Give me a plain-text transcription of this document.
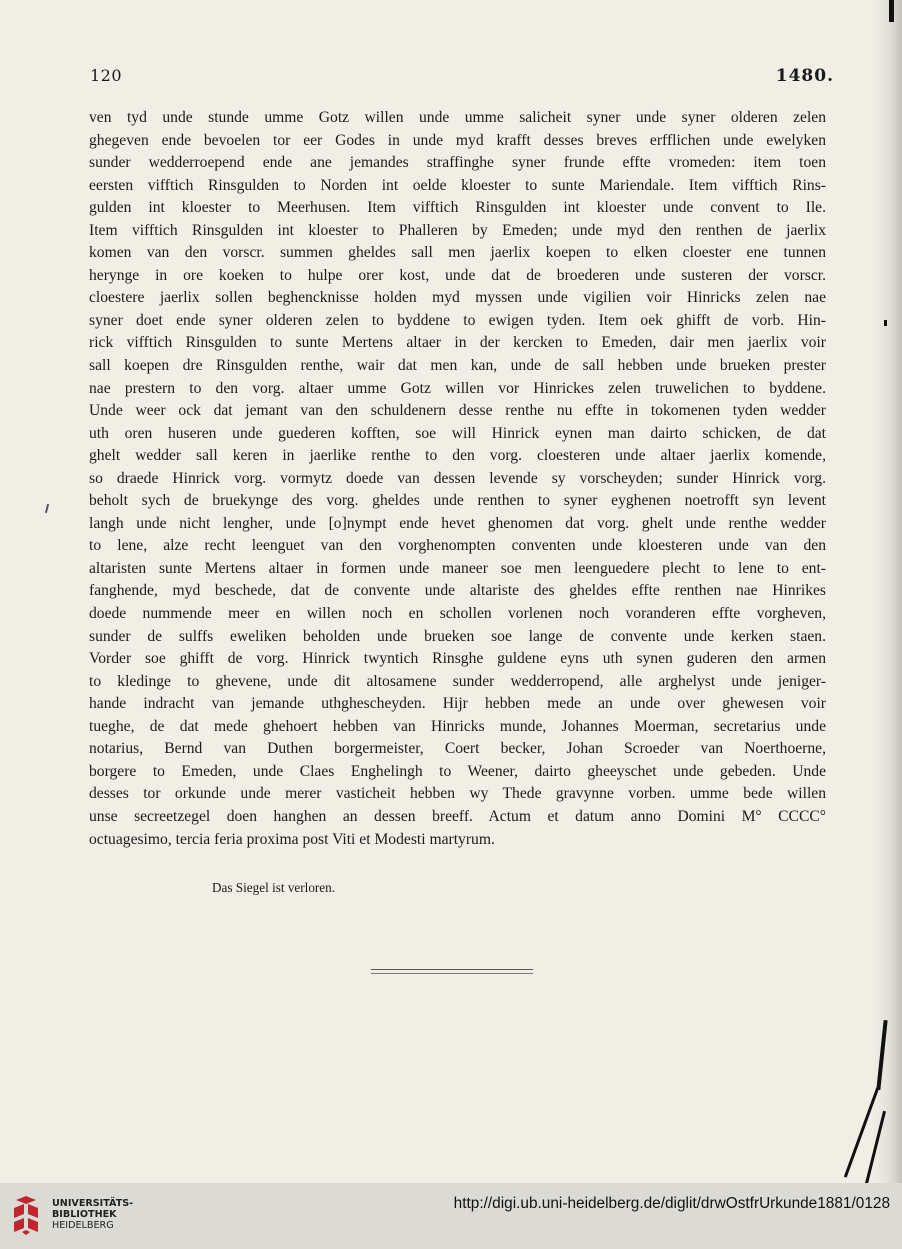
120	1480.
ven tyd unde stunde umme Gotz willen unde umme salicheit syner unde syner olderen zelen
ghegeven ende bevoelen tor eer Godes in unde myd krafft desses breves erfflichen unde ewelyken
sunder wedderroepend ende ane jemandes straffinghe syner frunde effte vromeden: item toen
eersten vifftich Rinsgulden to Norden int oelde kloester to sunte Mariendale. Item vifftich Rins-
gulden int kloester to Meerhusen. Item vifftich Rinsgulden int kloester unde convent to Ile.
Item vifftich Rinsgulden int kloester to Phalleren by Emeden; unde myd den renthen de jaerlix
komen van den vorscr. summen gheldes sall men jaerlix koepen to elken cloester ene tunnen
herynge in ore koeken to hulpe orer kost, unde dat de broederen unde susteren der vorscr.
cloestere jaerlix sollen beghencknisse holden myd myssen unde vigilien voir Hinricks zelen nae
syner doet ende syner olderen zelen to byddene to ewigen tyden. Item oek ghifft de vorb. Hin-
rick vifftich Rinsgulden to sunte Mertens altaer in der kercken to Emeden, dair men jaerlix voir
sall koepen dre Rinsgulden renthe, wair dat men kan, unde de sall hebben unde brueken prester
nae prestern to den vorg. altaer umme Gotz willen vor Hinrickes zelen truwelichen to byddene.
Unde weer ock dat jemant van den schuldenern desse renthe nu effte in tokomenen tyden wedder
uth oren huseren unde guederen kofften, soe will Hinrick eynen man dairto schicken, de dat
ghelt wedder sall keren in jaerlike renthe to den vorg. cloesteren unde altaer jaerlix komende,
so draede Hinrick vorg. vormytz doede van dessen levende sy vorscheyden; sunder Hinrick vorg.
beholt sych de bruekynge des vorg. gheldes unde renthen to syner eyghenen noetrofft syn levent
langh unde nicht lengher, unde [o]nympt ende hevet ghenomen dat vorg. ghelt unde renthe wedder
to lene, alze recht leenguet van den vorghenompten conventen unde kloesteren unde van den
altaristen sunte Mertens altaer in formen unde maneer soe men leenguedere plecht to lene to ent-
fanghende, myd beschede, dat de convente unde altariste des gheldes effte renthen nae Hinrikes
doede nummende meer en willen noch en schollen vorlenen noch voranderen effte vorgheven,
sunder de sulffs eweliken beholden unde brueken soe lange de convente unde kerken staen.
Vorder soe ghifft de vorg. Hinrick twyntich Rinsghe guldene eyns uth synen guderen den armen
to kledinge to ghevene, unde dit altosamene sunder wedderropend, alle arghelyst unde jeniger-
hande indracht van jemande uthghescheyden. Hijr hebben mede an unde over ghewesen voir
tueghe, de dat mede ghehoert hebben van Hinricks munde, Johannes Moerman, secretarius unde
notarius, Bernd van Duthen borgermeister, Coert becker, Johan Scroeder van Noerthoerne,
borgere to Emeden, unde Claes Enghelingh to Weener, dairto gheeyschet unde gebeden. Unde
desses tor orkunde unde merer vasticheit hebben wy Thede gravynne vorben. umme bede willen
unse secreetzegel doen hanghen an dessen breeff. Actum et datum anno Domini M° CCCC°
octuagesimo, tercia feria proxima post Viti et Modesti martyrum.
Das Siegel ist verloren.
UNIVERSITÄTS-
BIBLIOTHEK
HEIDELBERG
http://digi.ub.uni-heidelberg.de/diglit/drwOstfrUrkunde1881/0128
